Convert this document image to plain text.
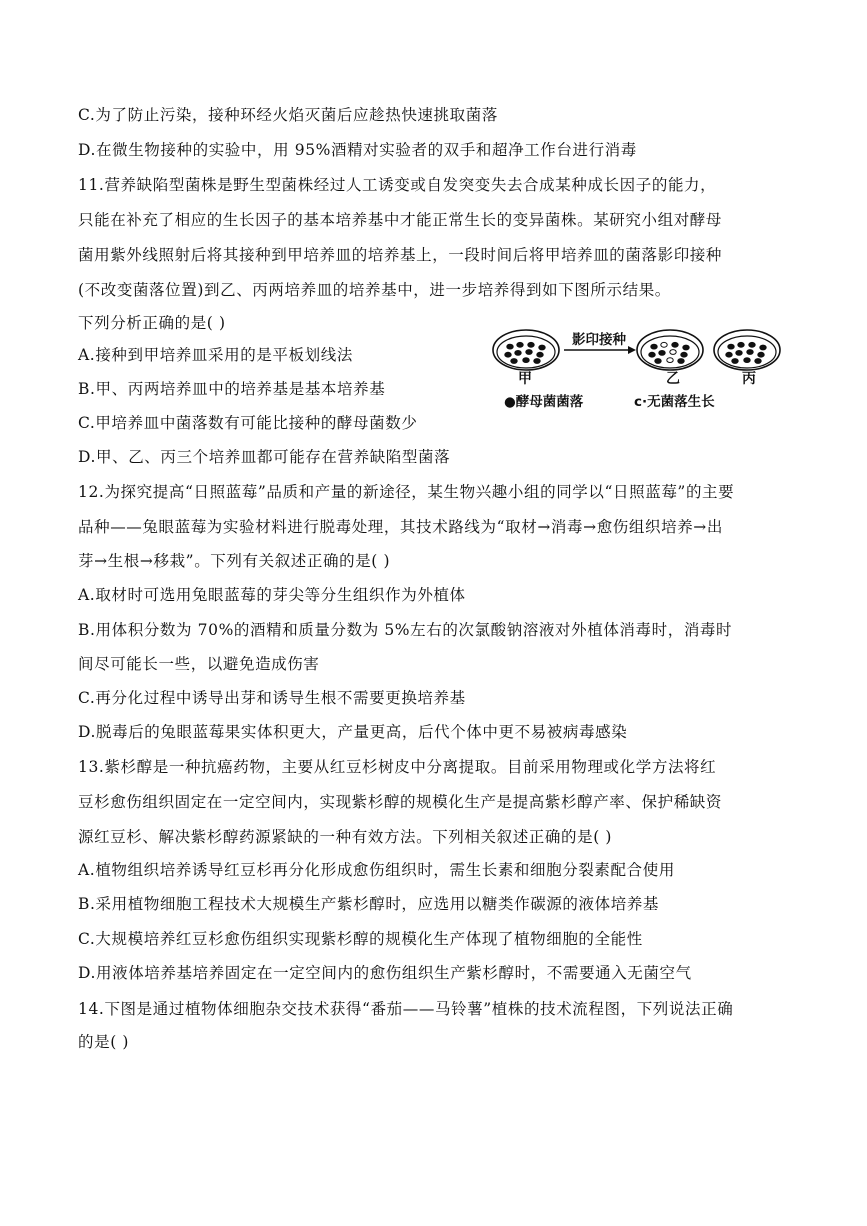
C.为了防止污染，接种环经火焰灭菌后应趁热快速挑取菌落
D.在微生物接种的实验中，用 95%酒精对实验者的双手和超净工作台进行消毒
11.营养缺陷型菌株是野生型菌株经过人工诱变或自发突变失去合成某种成长因子的能力，
只能在补充了相应的生长因子的基本培养基中才能正常生长的变异菌株。某研究小组对酵母
菌用紫外线照射后将其接种到甲培养皿的培养基上，一段时间后将甲培养皿的菌落影印接种
(不改变菌落位置)到乙、丙两培养皿的培养基中，进一步培养得到如下图所示结果。
下列分析正确的是( )
A.接种到甲培养皿采用的是平板划线法
B.甲、丙两培养皿中的培养基是基本培养基
C.甲培养皿中菌落数有可能比接种的酵母菌数少
D.甲、乙、丙三个培养皿都可能存在营养缺陷型菌落
12.为探究提高“日照蓝莓”品质和产量的新途径，某生物兴趣小组的同学以“日照蓝莓”的主要
品种——兔眼蓝莓为实验材料进行脱毒处理，其技术路线为“取材→消毒→愈伤组织培养→出
芽→生根→移栽”。下列有关叙述正确的是( )
A.取材时可选用兔眼蓝莓的芽尖等分生组织作为外植体
B.用体积分数为 70%的酒精和质量分数为 5%左右的次氯酸钠溶液对外植体消毒时，消毒时
间尽可能长一些，以避免造成伤害
C.再分化过程中诱导出芽和诱导生根不需要更换培养基
D.脱毒后的兔眼蓝莓果实体积更大，产量更高，后代个体中更不易被病毒感染
13.紫杉醇是一种抗癌药物，主要从红豆杉树皮中分离提取。目前采用物理或化学方法将红
豆杉愈伤组织固定在一定空间内，实现紫杉醇的规模化生产是提高紫杉醇产率、保护稀缺资
源红豆杉、解决紫杉醇药源紧缺的一种有效方法。下列相关叙述正确的是( )
A.植物组织培养诱导红豆杉再分化形成愈伤组织时，需生长素和细胞分裂素配合使用
B.采用植物细胞工程技术大规模生产紫杉醇时，应选用以糖类作碳源的液体培养基
C.大规模培养红豆杉愈伤组织实现紫杉醇的规模化生产体现了植物细胞的全能性
D.用液体培养基培养固定在一定空间内的愈伤组织生产紫杉醇时，不需要通入无菌空气
14.下图是通过植物体细胞杂交技术获得“番茄——马铃薯”植株的技术流程图，下列说法正确
的是( )
影印接种
甲	乙	丙
●酵母菌菌落	c·无菌落生长
